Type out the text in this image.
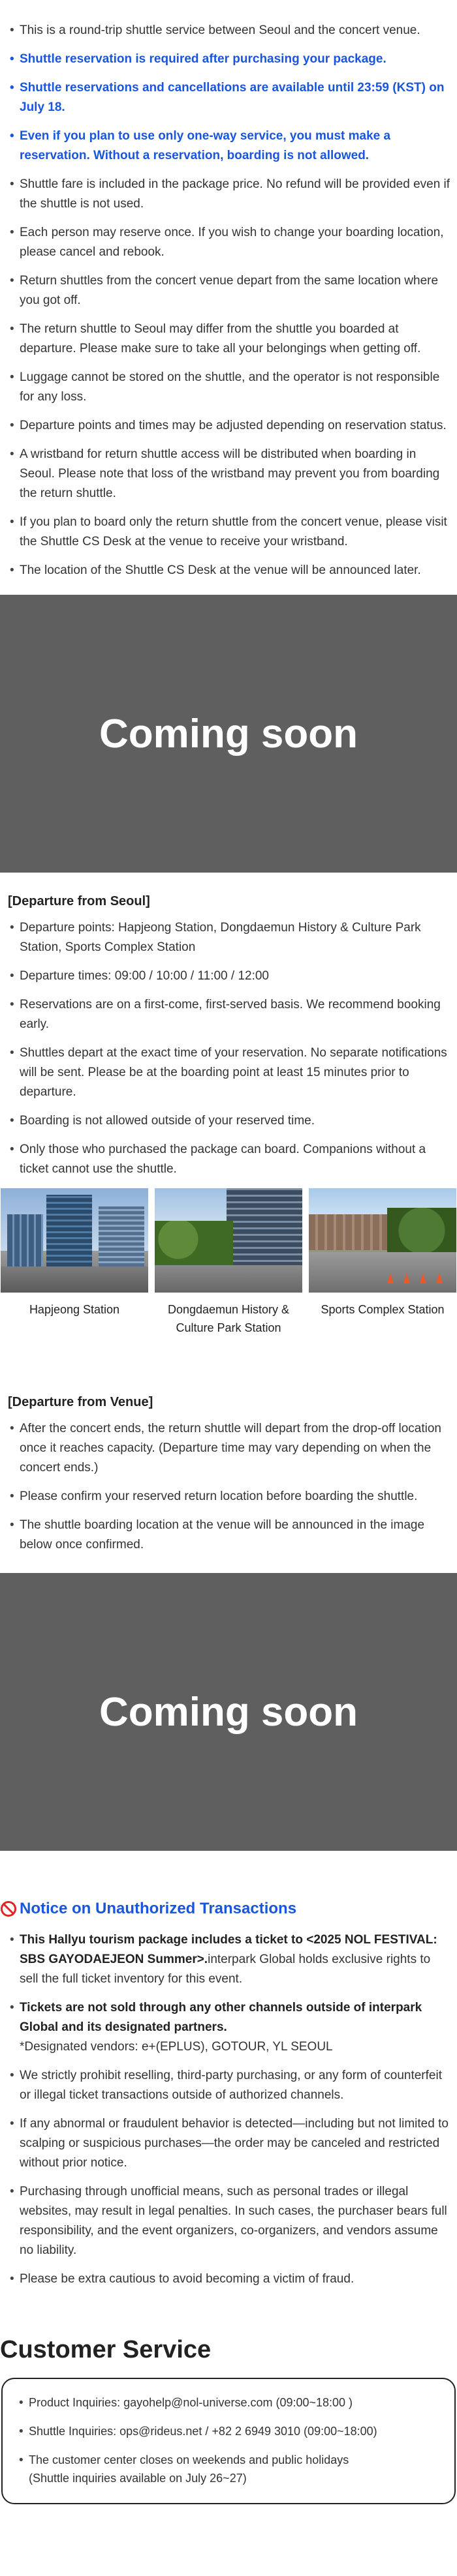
• This is a round-trip shuttle service between Seoul and the concert venue.
• Shuttle reservation is required after purchasing your package.
• Shuttle reservations and cancellations are available until 23:59 (KST) on July 18.
• Even if you plan to use only one-way service, you must make a reservation. Without a reservation, boarding is not allowed.
• Shuttle fare is included in the package price. No refund will be provided even if the shuttle is not used.
• Each person may reserve once. If you wish to change your boarding location, please cancel and rebook.
• Return shuttles from the concert venue depart from the same location where you got off.
• The return shuttle to Seoul may differ from the shuttle you boarded at departure. Please make sure to take all your belongings when getting off.
• Luggage cannot be stored on the shuttle, and the operator is not responsible for any loss.
• Departure points and times may be adjusted depending on reservation status.
• A wristband for return shuttle access will be distributed when boarding in Seoul. Please note that loss of the wristband may prevent you from boarding the return shuttle.
• If you plan to board only the return shuttle from the concert venue, please visit the Shuttle CS Desk at the venue to receive your wristband.
• The location of the Shuttle CS Desk at the venue will be announced later.
Coming soon
[Departure from Seoul]
• Departure points: Hapjeong Station, Dongdaemun History & Culture Park Station, Sports Complex Station
• Departure times: 09:00 / 10:00 / 11:00 / 12:00
• Reservations are on a first-come, first-served basis. We recommend booking early.
• Shuttles depart at the exact time of your reservation. No separate notifications will be sent. Please be at the boarding point at least 15 minutes prior to departure.
• Boarding is not allowed outside of your reserved time.
• Only those who purchased the package can board. Companions without a ticket cannot use the shuttle.
Hapjeong Station	Dongdaemun History & Culture Park Station
Sports Complex Station
[Departure from Venue]
• After the concert ends, the return shuttle will depart from the drop-off location once it reaches capacity. (Departure time may vary depending on when the concert ends.)
• Please confirm your reserved return location before boarding the shuttle.
• The shuttle boarding location at the venue will be announced in the image below once confirmed.
Coming soon
Notice on Unauthorized Transactions
• This Hallyu tourism package includes a ticket to <2025 NOL FESTIVAL: SBS GAYODAEJEON Summer>.interpark Global holds exclusive rights to sell the full ticket inventory for this event.
• Tickets are not sold through any other channels outside of interpark Global and its designated partners.
*Designated vendors: e+(EPLUS), GOTOUR, YL SEOUL
• We strictly prohibit reselling, third-party purchasing, or any form of counterfeit or illegal ticket transactions outside of authorized channels.
• If any abnormal or fraudulent behavior is detected—including but not limited to scalping or suspicious purchases—the order may be canceled and restricted without prior notice.
• Purchasing through unofficial means, such as personal trades or illegal websites, may result in legal penalties. In such cases, the purchaser bears full responsibility, and the event organizers, co-organizers, and vendors assume no liability.
• Please be extra cautious to avoid becoming a victim of fraud.
Customer Service
• Product Inquiries: gayohelp@nol-universe.com (09:00~18:00 )
• Shuttle Inquiries: ops@rideus.net / +82 2 6949 3010 (09:00~18:00)
• The customer center closes on weekends and public holidays
(Shuttle inquiries available on July 26~27)
